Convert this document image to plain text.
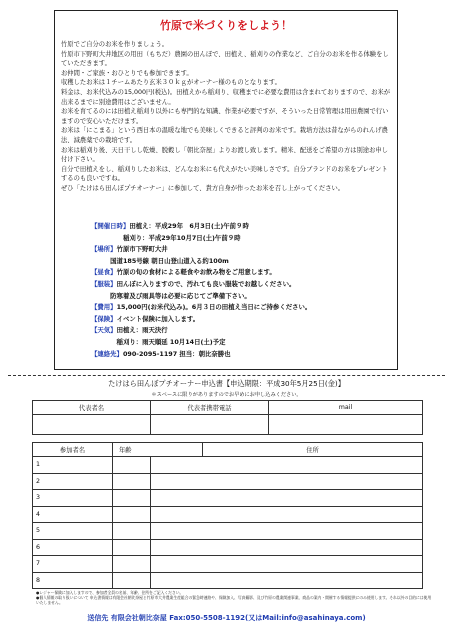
竹原で米づくりをしよう！
竹原でご自分のお米を作りましょう。
竹原市下野町大井地区の用田（もちだ）農園の田んぼで、田植え、稲刈りの作業など、ご自分のお米を作る体験をしていただきます。
お仲間・ご家族・おひとりでも参加できます。
収穫したお米は１チームあたり玄米３０ｋｇがオーナー様のものとなります。
料金は、お米代込みの15,000円(税込)。田植えから稲刈り、収穫までに必要な費用は含まれておりますので、お米が出来るまでに別途費用はございません。
お米を育てるのには田植え稲刈り以外にも専門的な知識、作業が必要ですが、そういった日常管理は用田農園で行いますので安心いただけます。
お米は「にこまる」という西日本の温暖な地でも美味しくできると評判のお米です。栽培方法は昔ながらのれんげ農法、減農薬での栽培です。
お米は稲刈り後、天日干しし乾燥、脱穀し「朝比奈屋」よりお渡し致します。精米、配送をご希望の方は別途お申し付け下さい。
自分で田植えをし、稲刈りしたお米は、どんなお米にも代えがたい美味しさです。自分ブランドのお米をプレゼントするのも良いですね。
ぜひ「たけはら田んぼプチオーナー」に参加して、貴方自身が作ったお米を召し上がってください。
【開催日時】田植え：平成29年　6月3日(土)午前９時
　　　　　稲刈り：平成29年10月7日(土)午前９時
【場所】竹原市下野町大井
　　　国道185号線 朝日山登山道入る約100m
【昼食】竹原の旬の食材による軽食やお飲み物をご用意します。
【服装】田んぼに入りますので、汚れても良い服装でお越しください。
　　　防寒着及び雨具等は必要に応じてご準備下さい。
【費用】15,000円(お米代込み)。6月３日の田植え当日にご持参ください。
【保険】イベント保険に加入します。
【天気】田植え：雨天決行
　　　　稲刈り：雨天順延 10月14日(土)予定
【連絡先】090-2095-1197 担当：朝比奈勝也

たけはら田んぼプチオーナー申込書【申込期限：平成30年5月25日(金)】

＊スペースに限りがありますのでお早めにお申し込みください。

代表者名	代表者携帯電話	mail

参加者名	年齢		住所
1			
2			
3			
4			
5			
6			
7			
8			
●レジャー保険に加入しますので、参加者全員の名前、年齢、住所をご記入ください。
●個人情報の取り扱いについて 申込書情報は有限会社朝比奈屋と竹原市大井農業生産組合の緊急時連絡や、保険加入、写真撮影、及び竹原の農業関連事業、商品の案内・開催する情報提供にのみ使用します。それ以外の目的には使用いたしません。

送信先 有限会社朝比奈屋 Fax:050-5508-1192(又はMail:info@asahinaya.com)
